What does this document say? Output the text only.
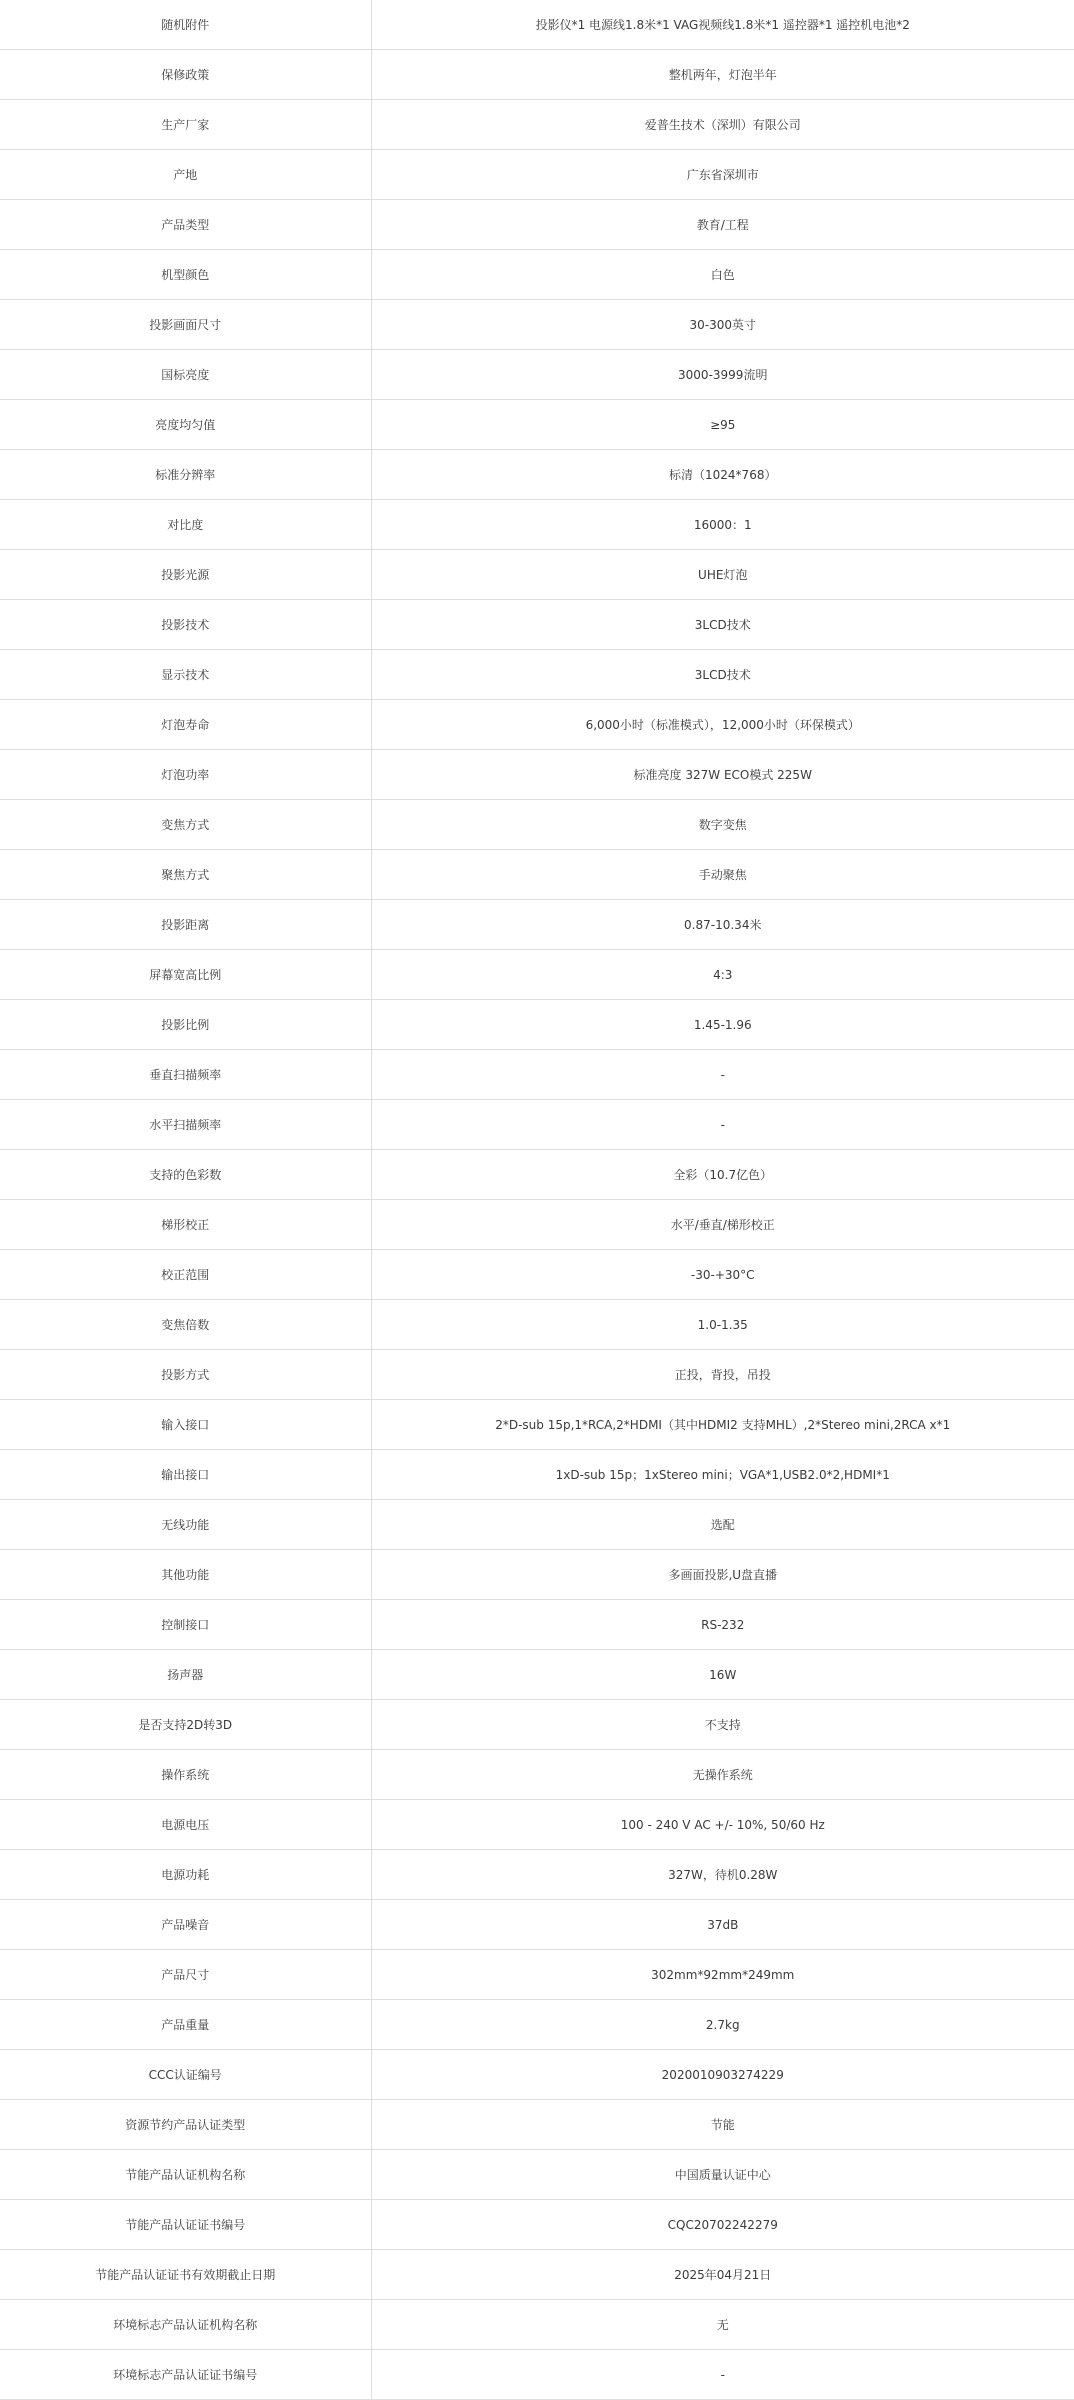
随机附件	投影仪*1 电源线1.8米*1 VAG视频线1.8米*1 遥控器*1 遥控机电池*2
保修政策	整机两年，灯泡半年
生产厂家	爱普生技术（深圳）有限公司
产地	广东省深圳市
产品类型	教育/工程
机型颜色	白色
投影画面尺寸	30-300英寸
国标亮度	3000-3999流明
亮度均匀值	≥95
标准分辨率	标清（1024*768）
对比度	16000：1
投影光源	UHE灯泡
投影技术	3LCD技术
显示技术	3LCD技术
灯泡寿命	6,000小时（标准模式），12,000小时（环保模式）
灯泡功率	标准亮度 327W ECO模式 225W
变焦方式	数字变焦
聚焦方式	手动聚焦
投影距离	0.87-10.34米
屏幕宽高比例	4:3
投影比例	1.45-1.96
垂直扫描频率	-
水平扫描频率	-
支持的色彩数	全彩（10.7亿色）
梯形校正	水平/垂直/梯形校正
校正范围	-30-+30°C
变焦倍数	1.0-1.35
投影方式	正投，背投，吊投
输入接口	2*D-sub 15p,1*RCA,2*HDMI（其中HDMI2 支持MHL）,2*Stereo mini,2RCA x*1
输出接口	1xD-sub 15p；1xStereo mini；VGA*1,USB2.0*2,HDMI*1
无线功能	选配
其他功能	多画面投影,U盘直播
控制接口	RS-232
扬声器	16W
是否支持2D转3D	不支持
操作系统	无操作系统
电源电压	100 - 240 V AC +/- 10%, 50/60 Hz
电源功耗	327W，待机0.28W
产品噪音	37dB
产品尺寸	302mm*92mm*249mm
产品重量	2.7kg
CCC认证编号	2020010903274229
资源节约产品认证类型	节能
节能产品认证机构名称	中国质量认证中心
节能产品认证证书编号	CQC20702242279
节能产品认证证书有效期截止日期	2025年04月21日
环境标志产品认证机构名称	无
环境标志产品认证证书编号	-
